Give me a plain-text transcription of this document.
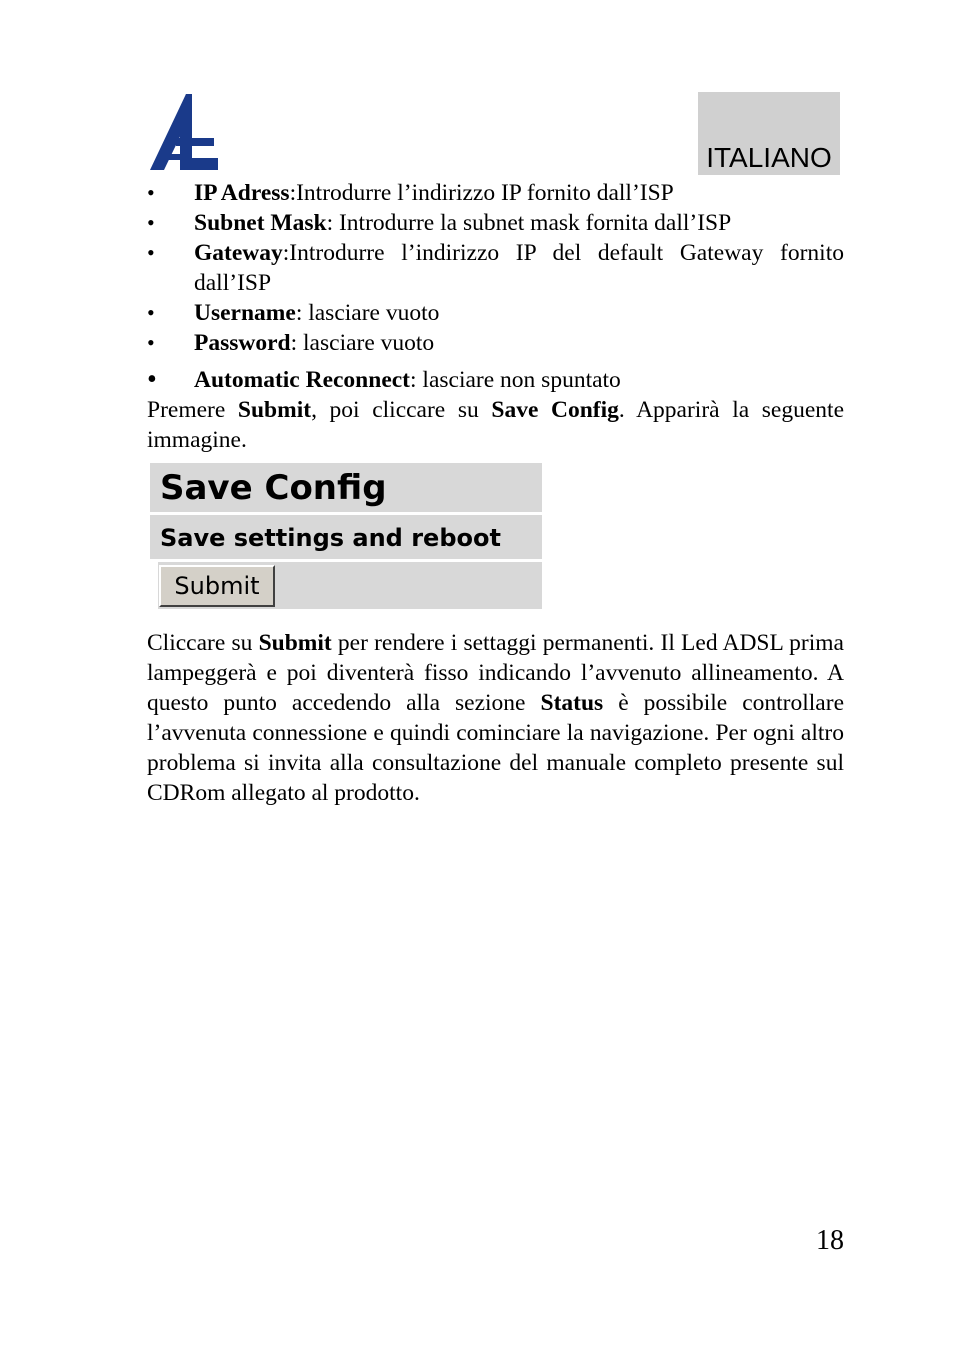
ITALIANO
• IP Adress:Introdurre l’indirizzo IP fornito dall’ISP
• Subnet Mask: Introdurre la subnet mask fornita dall’ISP
• Gateway:Introdurre l’indirizzo IP del default Gateway fornito dall’ISP
• Username: lasciare vuoto
• Password: lasciare vuoto
• Automatic Reconnect: lasciare non spuntato

Premere Submit, poi cliccare su Save Config. Apparirà la seguente immagine.

Save Config
Save settings and reboot
Submit

Cliccare su Submit per rendere i settaggi permanenti. Il Led ADSL prima lampeggerà e poi diventerà fisso indicando l’avvenuto allineamento. A questo punto accedendo alla sezione Status è possibile controllare l’avvenuta connessione e quindi cominciare la navigazione. Per ogni altro problema si invita alla consultazione del manuale completo presente sul CDRom allegato al prodotto.

18
